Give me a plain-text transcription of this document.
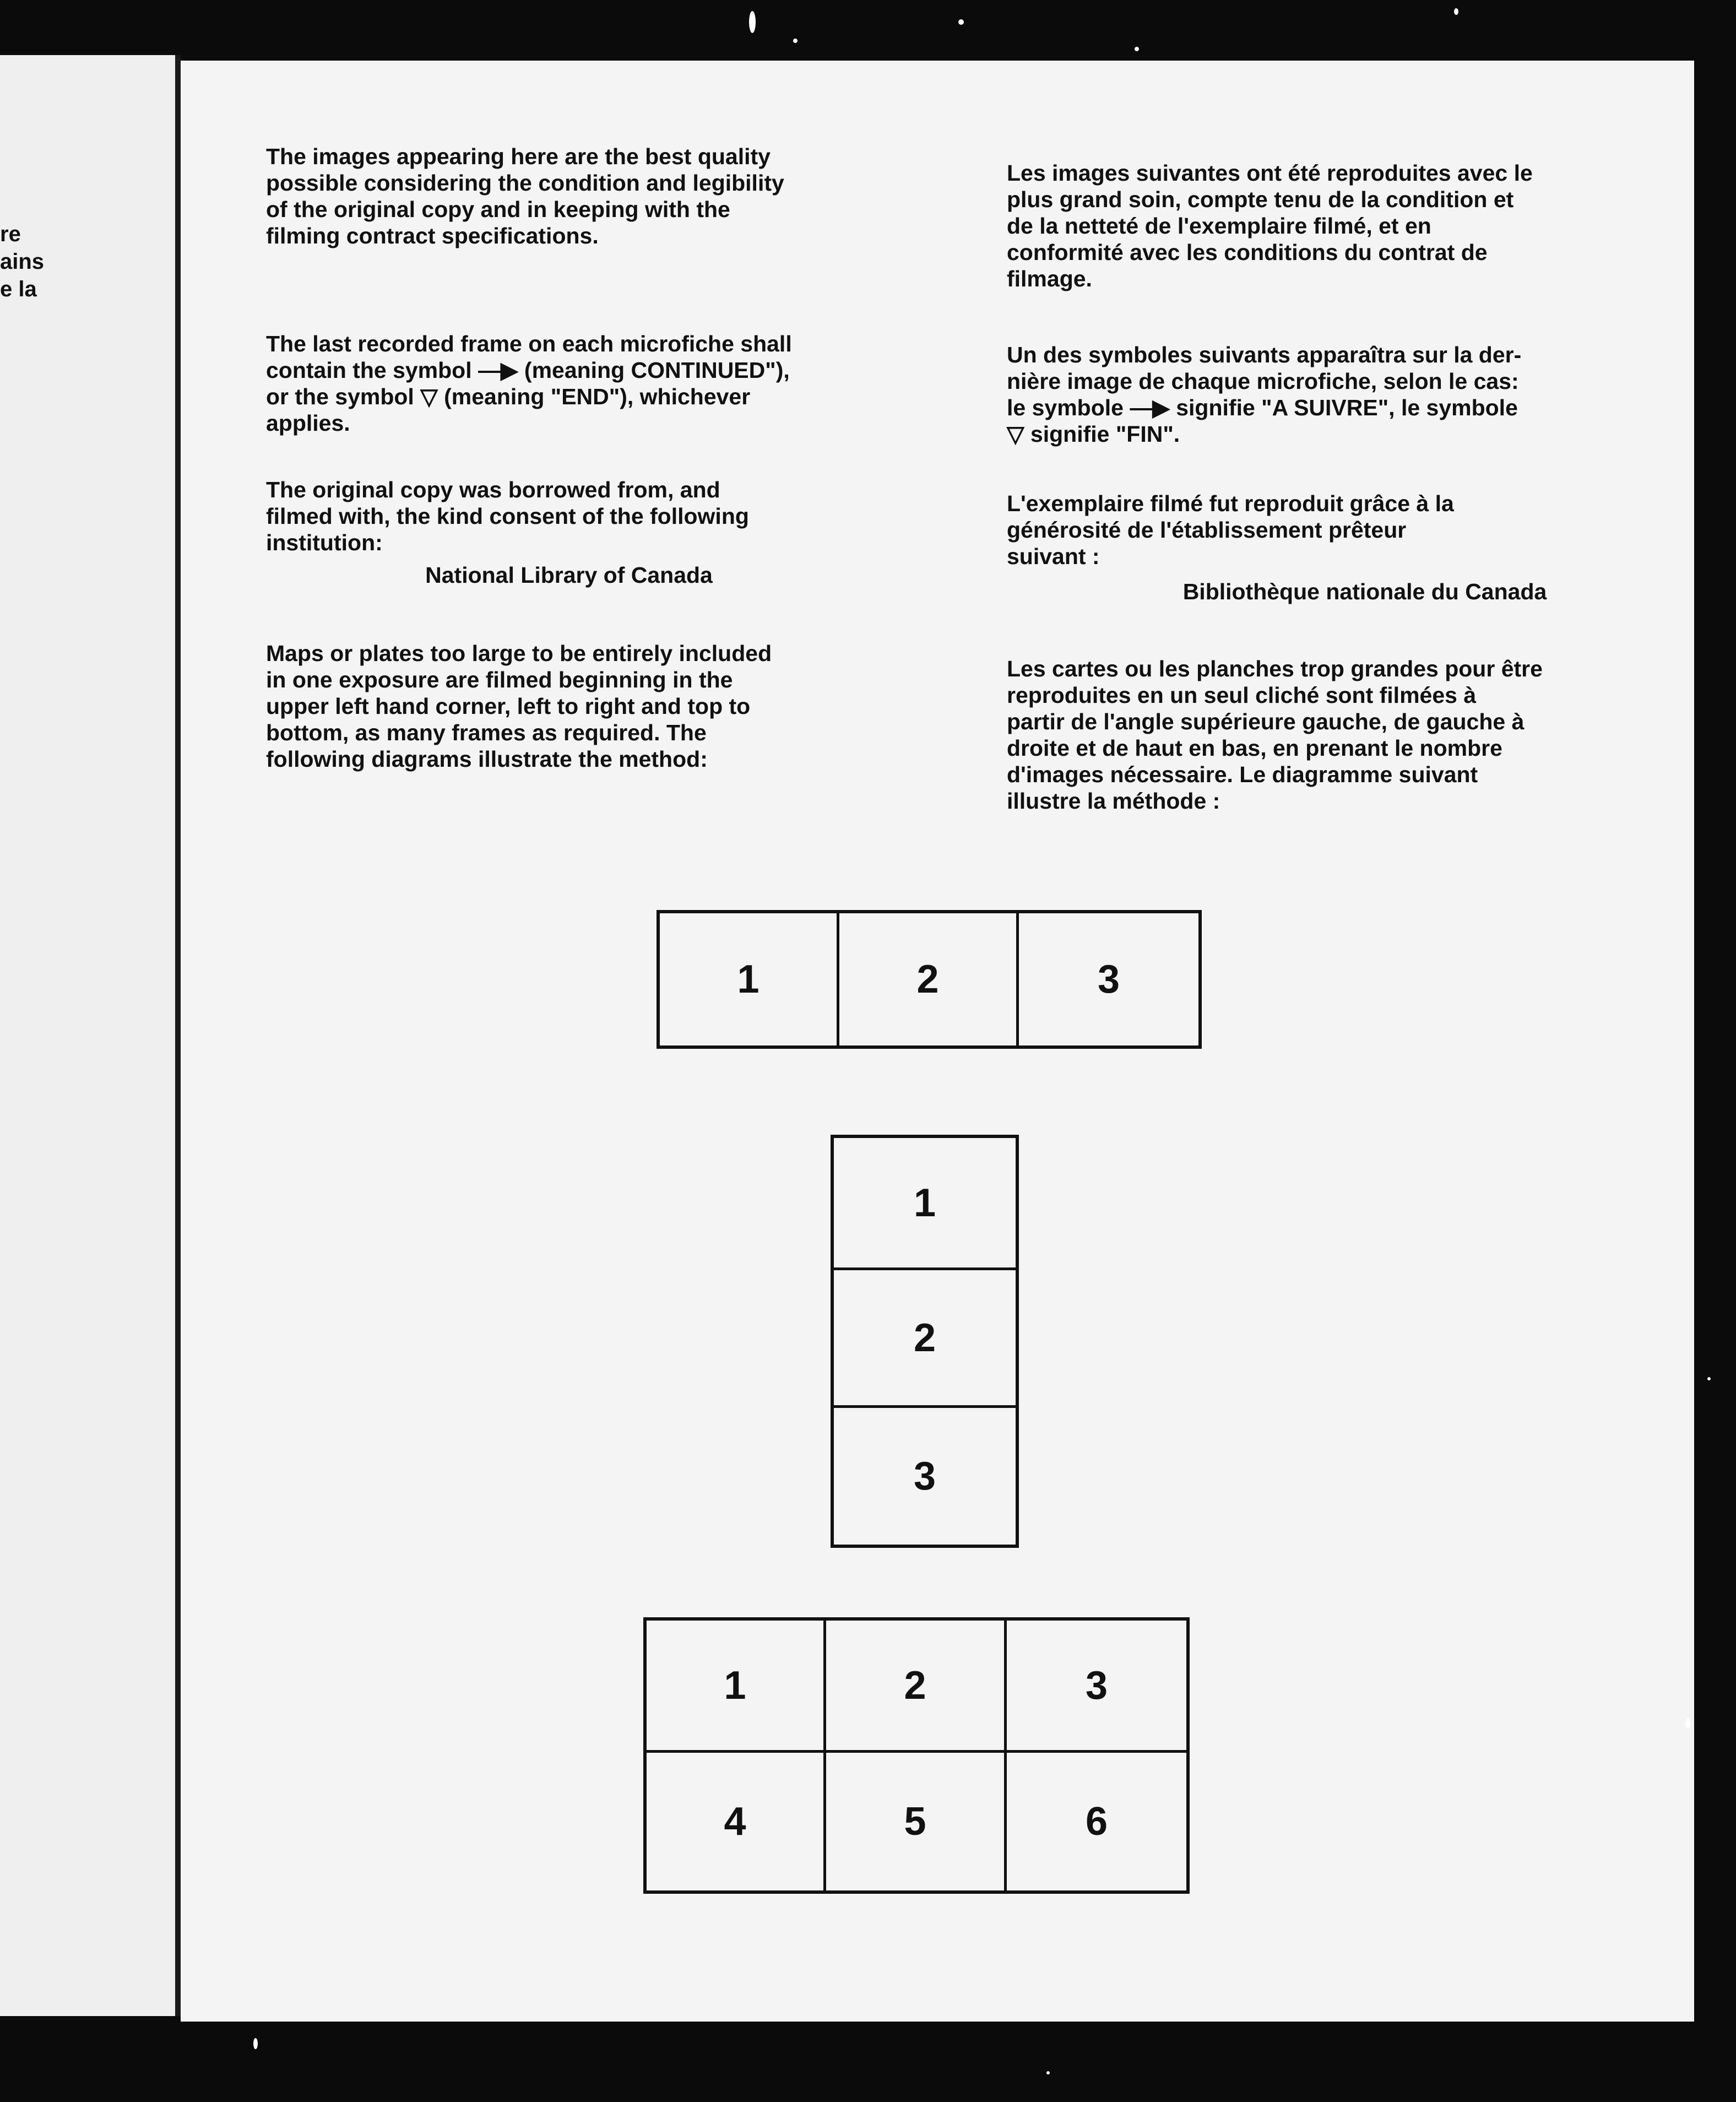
re
ains
e la
The images appearing here are the best quality
possible considering the condition and legibility
of the original copy and in keeping with the
filming contract specifications.
The last recorded frame on each microfiche shall
contain the symbol —▶ (meaning CONTINUED"),
or the symbol ▽ (meaning "END"), whichever
applies.
The original copy was borrowed from, and
filmed with, the kind consent of the following
institution:
National Library of Canada
Maps or plates too large to be entirely included
in one exposure are filmed beginning in the
upper left hand corner, left to right and top to
bottom, as many frames as required. The
following diagrams illustrate the method:
Les images suivantes ont été reproduites avec le
plus grand soin, compte tenu de la condition et
de la netteté de l'exemplaire filmé, et en
conformité avec les conditions du contrat de
filmage.
Un des symboles suivants apparaîtra sur la der-
nière image de chaque microfiche, selon le cas:
le symbole —▶ signifie "A SUIVRE", le symbole
▽ signifie "FIN".
L'exemplaire filmé fut reproduit grâce à la
générosité de l'établissement prêteur
suivant :
Bibliothèque nationale du Canada
Les cartes ou les planches trop grandes pour être
reproduites en un seul cliché sont filmées à
partir de l'angle supérieure gauche, de gauche à
droite et de haut en bas, en prenant le nombre
d'images nécessaire. Le diagramme suivant
illustre la méthode :
1	2	3
1
2
3
1	2	3
4	5	6
